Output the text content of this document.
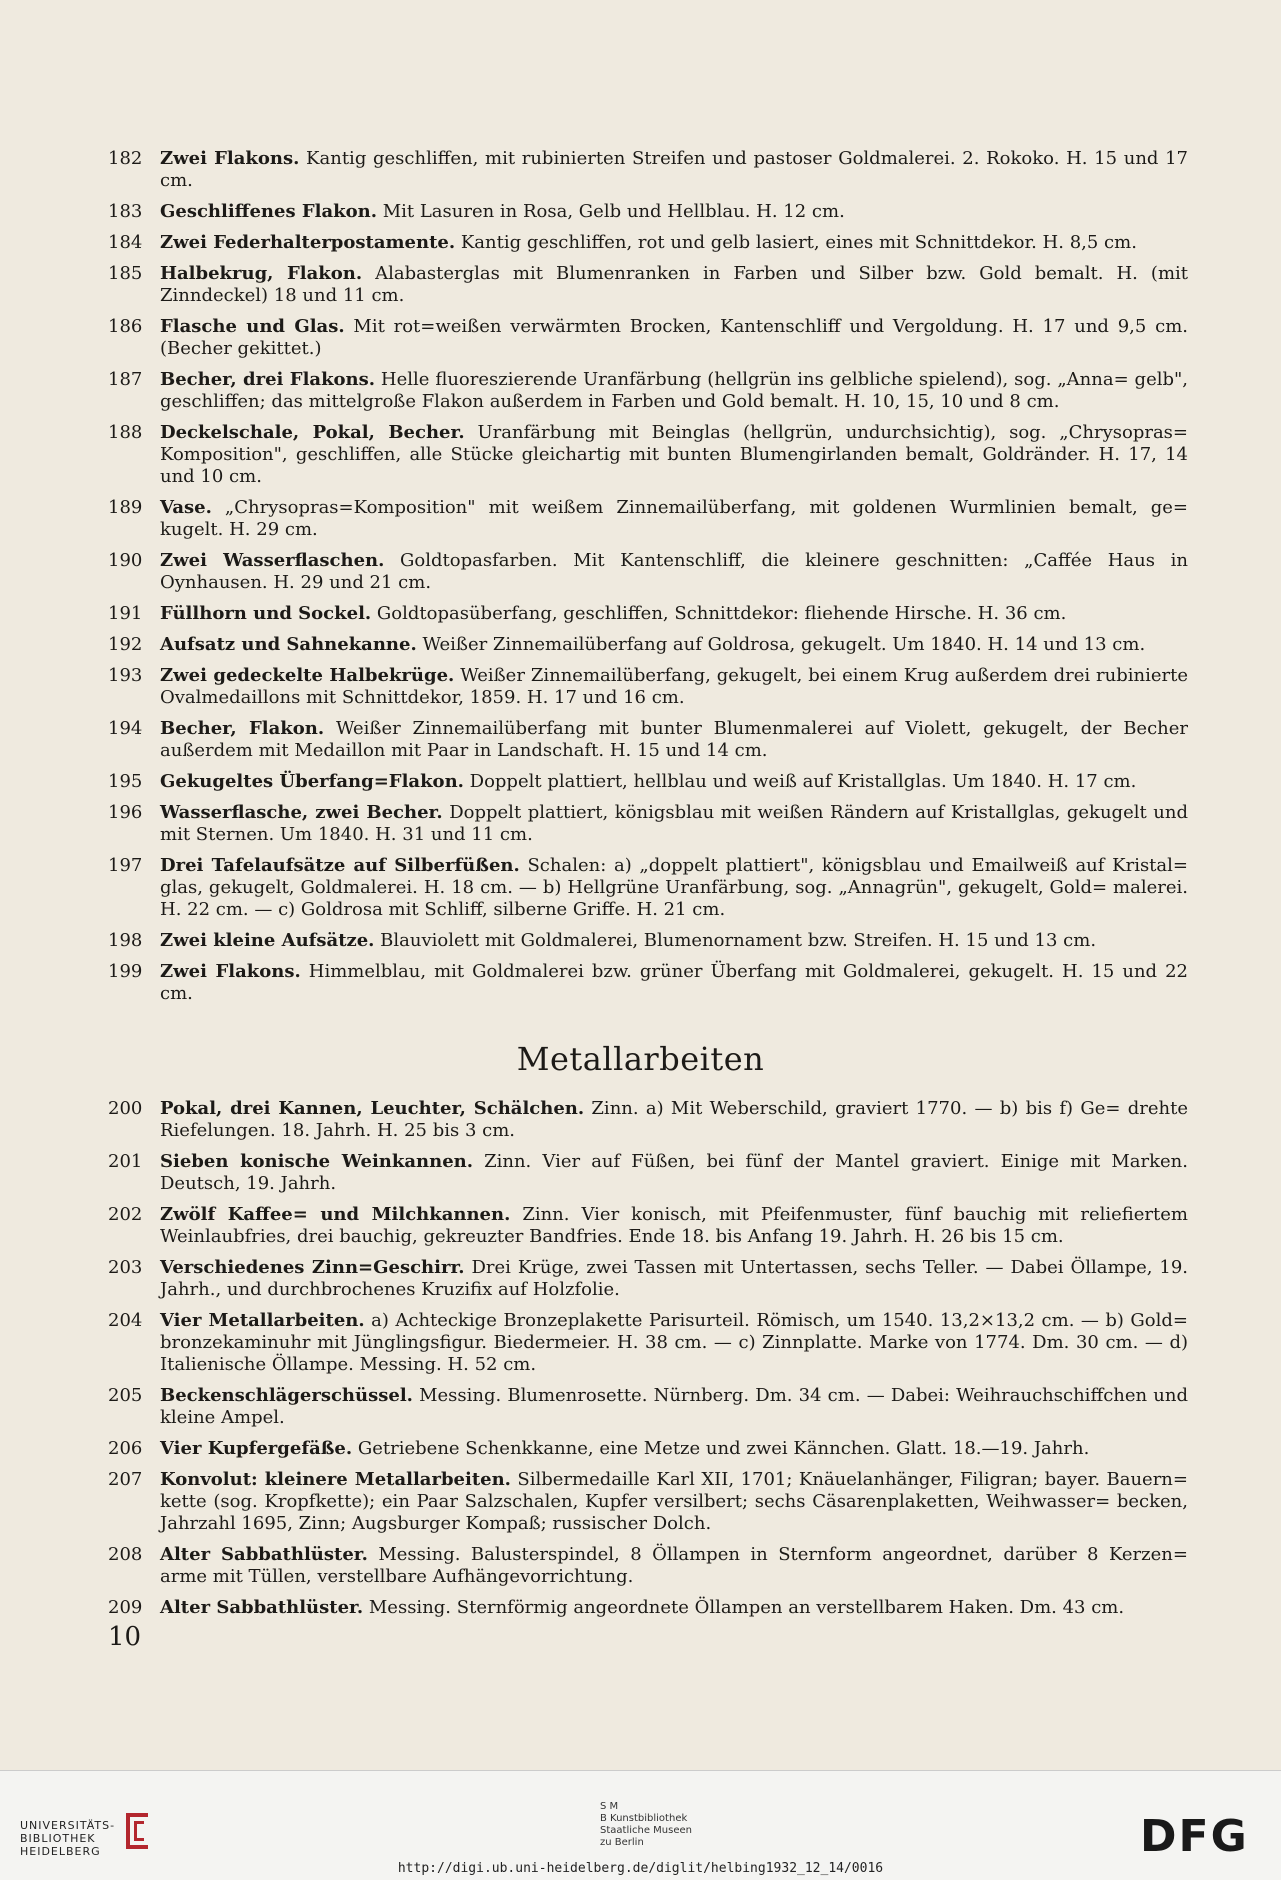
182 Zwei Flakons. Kantig geschliffen, mit rubinierten Streifen und pastoser Goldmalerei. 2. Rokoko. H. 15 und 17 cm.
183 Geschliffenes Flakon. Mit Lasuren in Rosa, Gelb und Hellblau. H. 12 cm.
184 Zwei Federhalterpostamente. Kantig geschliffen, rot und gelb lasiert, eines mit Schnittdekor. H. 8,5 cm.
185 Halbekrug, Flakon. Alabasterglas mit Blumenranken in Farben und Silber bzw. Gold bemalt. H. (mit Zinndeckel) 18 und 11 cm.
186 Flasche und Glas. Mit rot=weißen verwärmten Brocken, Kantenschliff und Vergoldung. H. 17 und 9,5 cm. (Becher gekittet.)
187 Becher, drei Flakons. Helle fluoreszierende Uranfärbung (hellgrün ins gelbliche spielend), sog. „Anna= gelb", geschliffen; das mittelgroße Flakon außerdem in Farben und Gold bemalt. H. 10, 15, 10 und 8 cm.
188 Deckelschale, Pokal, Becher. Uranfärbung mit Beinglas (hellgrün, undurchsichtig), sog. „Chrysopras= Komposition", geschliffen, alle Stücke gleichartig mit bunten Blumengirlanden bemalt, Goldränder. H. 17, 14 und 10 cm.
189 Vase. „Chrysopras=Komposition" mit weißem Zinnemailüberfang, mit goldenen Wurmlinien bemalt, ge= kugelt. H. 29 cm.
190 Zwei Wasserflaschen. Goldtopasfarben. Mit Kantenschliff, die kleinere geschnitten: „Caffée Haus in Oynhausen. H. 29 und 21 cm.
191 Füllhorn und Sockel. Goldtopasüberfang, geschliffen, Schnittdekor: fliehende Hirsche. H. 36 cm.
192 Aufsatz und Sahnekanne. Weißer Zinnemailüberfang auf Goldrosa, gekugelt. Um 1840. H. 14 und 13 cm.
193 Zwei gedeckelte Halbekrüge. Weißer Zinnemailüberfang, gekugelt, bei einem Krug außerdem drei rubinierte Ovalmedaillons mit Schnittdekor, 1859. H. 17 und 16 cm.
194 Becher, Flakon. Weißer Zinnemailüberfang mit bunter Blumenmalerei auf Violett, gekugelt, der Becher außerdem mit Medaillon mit Paar in Landschaft. H. 15 und 14 cm.
195 Gekugeltes Überfang=Flakon. Doppelt plattiert, hellblau und weiß auf Kristallglas. Um 1840. H. 17 cm.
196 Wasserflasche, zwei Becher. Doppelt plattiert, königsblau mit weißen Rändern auf Kristallglas, gekugelt und mit Sternen. Um 1840. H. 31 und 11 cm.
197 Drei Tafelaufsätze auf Silberfüßen. Schalen: a) „doppelt plattiert", königsblau und Emailweiß auf Kristal= glas, gekugelt, Goldmalerei. H. 18 cm. — b) Hellgrüne Uranfärbung, sog. „Annagrün", gekugelt, Gold= malerei. H. 22 cm. — c) Goldrosa mit Schliff, silberne Griffe. H. 21 cm.
198 Zwei kleine Aufsätze. Blauviolett mit Goldmalerei, Blumenornament bzw. Streifen. H. 15 und 13 cm.
199 Zwei Flakons. Himmelblau, mit Goldmalerei bzw. grüner Überfang mit Goldmalerei, gekugelt. H. 15 und 22 cm.
Metallarbeiten
200 Pokal, drei Kannen, Leuchter, Schälchen. Zinn. a) Mit Weberschild, graviert 1770. — b) bis f) Ge= drehte Riefelungen. 18. Jahrh. H. 25 bis 3 cm.
201 Sieben konische Weinkannen. Zinn. Vier auf Füßen, bei fünf der Mantel graviert. Einige mit Marken. Deutsch, 19. Jahrh.
202 Zwölf Kaffee= und Milchkannen. Zinn. Vier konisch, mit Pfeifenmuster, fünf bauchig mit reliefiertem Weinlaubfries, drei bauchig, gekreuzter Bandfries. Ende 18. bis Anfang 19. Jahrh. H. 26 bis 15 cm.
203 Verschiedenes Zinn=Geschirr. Drei Krüge, zwei Tassen mit Untertassen, sechs Teller. — Dabei Öllampe, 19. Jahrh., und durchbrochenes Kruzifix auf Holzfolie.
204 Vier Metallarbeiten. a) Achteckige Bronzeplakette Parisurteil. Römisch, um 1540. 13,2×13,2 cm. — b) Gold= bronzekaminuhr mit Jünglingsfigur. Biedermeier. H. 38 cm. — c) Zinnplatte. Marke von 1774. Dm. 30 cm. — d) Italienische Öllampe. Messing. H. 52 cm.
205 Beckenschlägerschüssel. Messing. Blumenrosette. Nürnberg. Dm. 34 cm. — Dabei: Weihrauchschiffchen und kleine Ampel.
206 Vier Kupfergefäße. Getriebene Schenkkanne, eine Metze und zwei Kännchen. Glatt. 18.—19. Jahrh.
207 Konvolut: kleinere Metallarbeiten. Silbermedaille Karl XII, 1701; Knäuelanhänger, Filigran; bayer. Bauern= kette (sog. Kropfkette); ein Paar Salzschalen, Kupfer versilbert; sechs Cäsarenplaketten, Weihwasser= becken, Jahrzahl 1695, Zinn; Augsburger Kompaß; russischer Dolch.
208 Alter Sabbathlüster. Messing. Balusterspindel, 8 Öllampen in Sternform angeordnet, darüber 8 Kerzen= arme mit Tüllen, verstellbare Aufhängevorrichtung.
209 Alter Sabbathlüster. Messing. Sternförmig angeordnete Öllampen an verstellbarem Haken. Dm. 43 cm.
10
UNIVERSITÄTS-
BIBLIOTHEK
HEIDELBERG
S M
B Kunstbibliothek
Staatliche Museen
zu Berlin	DFG
http://digi.ub.uni-heidelberg.de/diglit/helbing1932_12_14/0016
